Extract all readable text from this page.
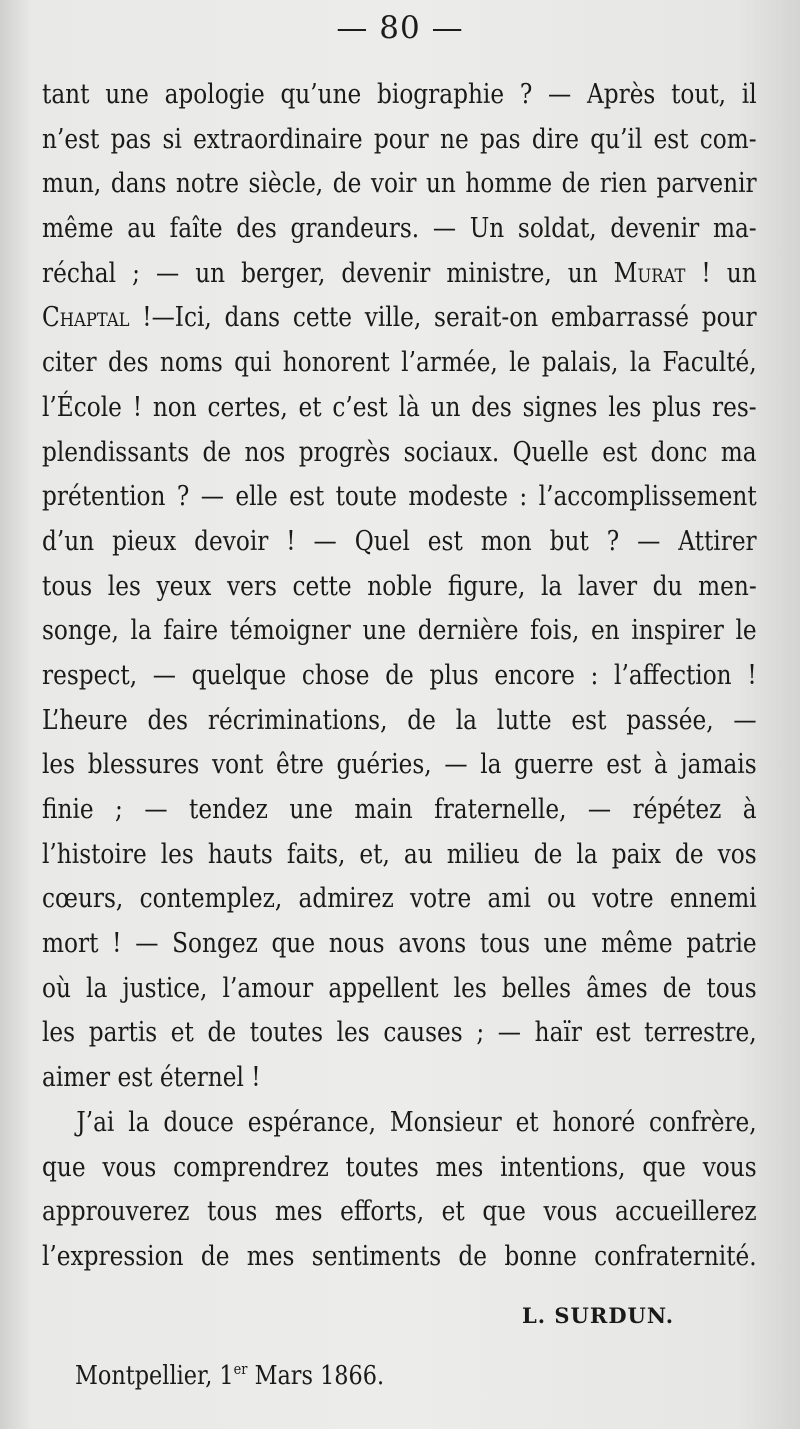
— 80 —
tant une apologie qu’une biographie ? — Après tout, il
n’est pas si extraordinaire pour ne pas dire qu’il est com-
mun, dans notre siècle, de voir un homme de rien parvenir
même au faîte des grandeurs. — Un soldat, devenir ma-
réchal ; — un berger, devenir ministre, un Murat ! un
Chaptal !—Ici, dans cette ville, serait-on embarrassé pour
citer des noms qui honorent l’armée, le palais, la Faculté,
l’École ! non certes, et c’est là un des signes les plus res-
plendissants de nos progrès sociaux. Quelle est donc ma
prétention ? — elle est toute modeste : l’accomplissement
d’un pieux devoir ! — Quel est mon but ? — Attirer
tous les yeux vers cette noble figure, la laver du men-
songe, la faire témoigner une dernière fois, en inspirer le
respect, — quelque chose de plus encore : l’affection !
L’heure des récriminations, de la lutte est passée, —
les blessures vont être guéries, — la guerre est à jamais
finie ; — tendez une main fraternelle, — répétez à
l’histoire les hauts faits, et, au milieu de la paix de vos
cœurs, contemplez, admirez votre ami ou votre ennemi
mort ! — Songez que nous avons tous une même patrie
où la justice, l’amour appellent les belles âmes de tous
les partis et de toutes les causes ; — haïr est terrestre,
aimer est éternel !
J’ai la douce espérance, Monsieur et honoré confrère,
que vous comprendrez toutes mes intentions, que vous
approuverez tous mes efforts, et que vous accueillerez
l’expression de mes sentiments de bonne confraternité.
L. SURDUN.
Montpellier, 1er Mars 1866.
